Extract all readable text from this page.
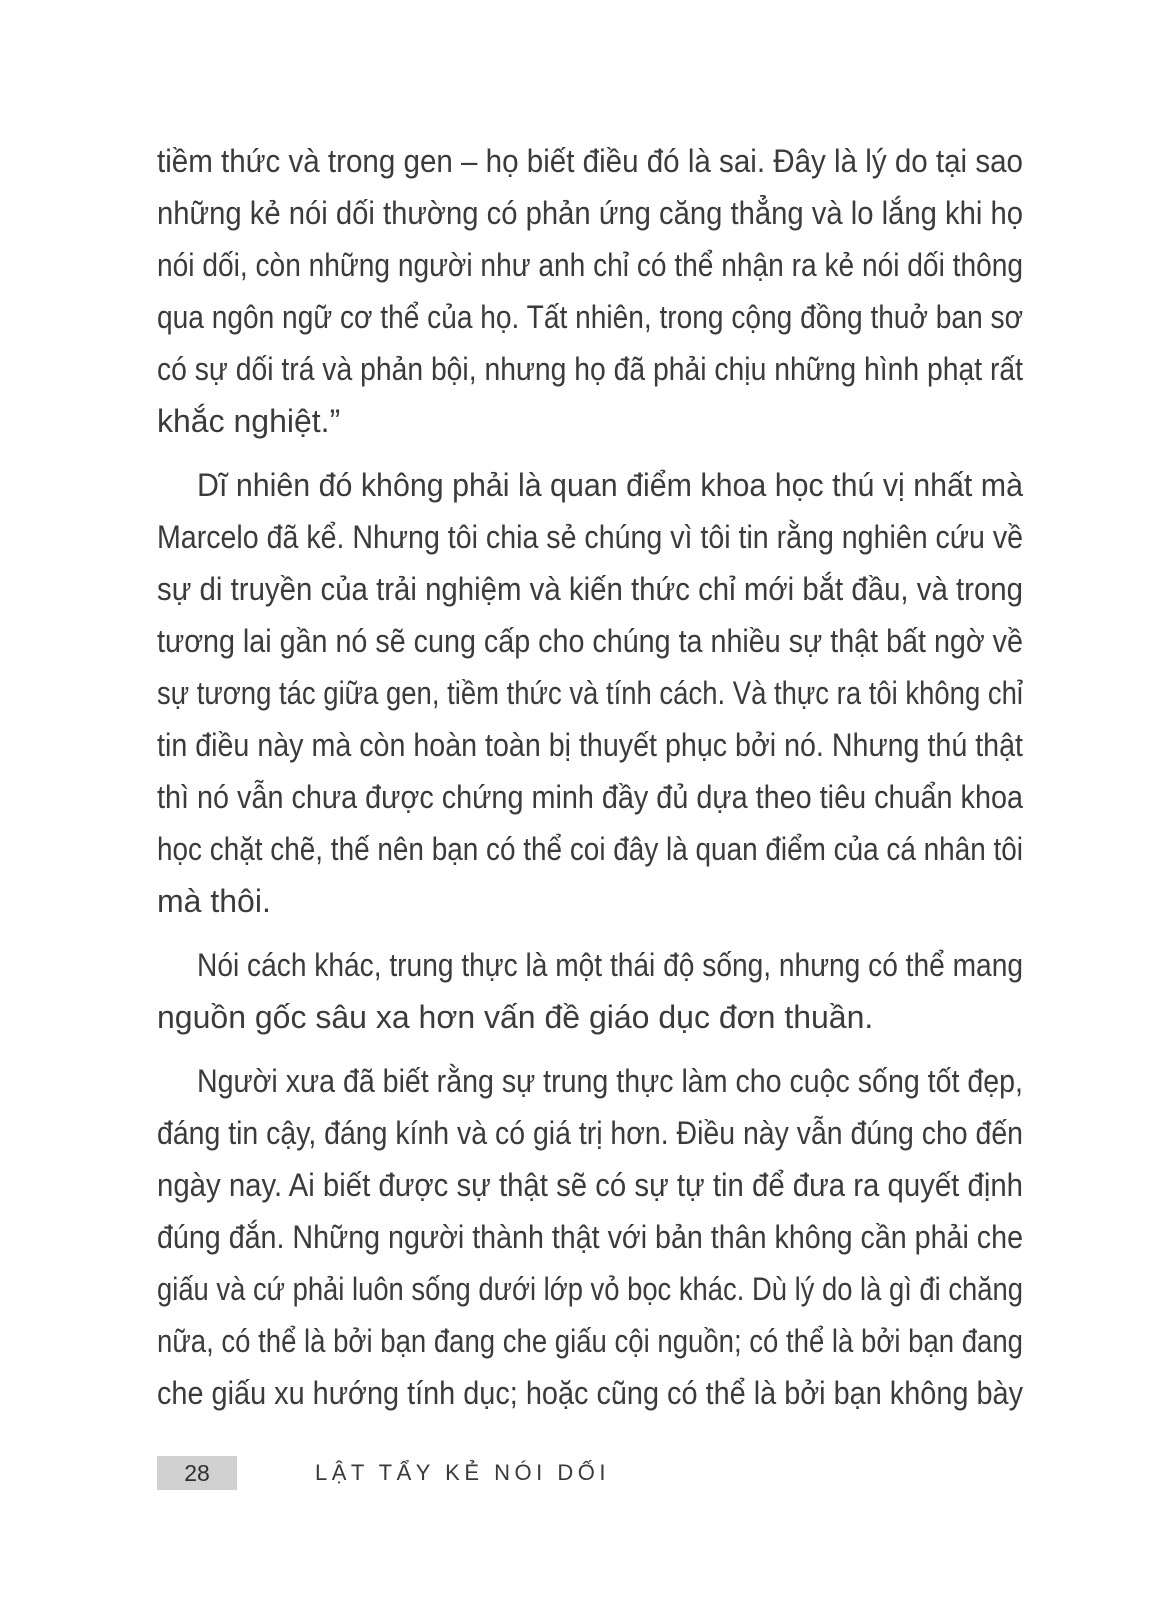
tiềm thức và trong gen – họ biết điều đó là sai. Đây là lý do tại sao
những kẻ nói dối thường có phản ứng căng thẳng và lo lắng khi họ
nói dối, còn những người như anh chỉ có thể nhận ra kẻ nói dối thông
qua ngôn ngữ cơ thể của họ. Tất nhiên, trong cộng đồng thuở ban sơ
có sự dối trá và phản bội, nhưng họ đã phải chịu những hình phạt rất
khắc nghiệt.”
Dĩ nhiên đó không phải là quan điểm khoa học thú vị nhất mà
Marcelo đã kể. Nhưng tôi chia sẻ chúng vì tôi tin rằng nghiên cứu về
sự di truyền của trải nghiệm và kiến thức chỉ mới bắt đầu, và trong
tương lai gần nó sẽ cung cấp cho chúng ta nhiều sự thật bất ngờ về
sự tương tác giữa gen, tiềm thức và tính cách. Và thực ra tôi không chỉ
tin điều này mà còn hoàn toàn bị thuyết phục bởi nó. Nhưng thú thật
thì nó vẫn chưa được chứng minh đầy đủ dựa theo tiêu chuẩn khoa
học chặt chẽ, thế nên bạn có thể coi đây là quan điểm của cá nhân tôi
mà thôi.
Nói cách khác, trung thực là một thái độ sống, nhưng có thể mang
nguồn gốc sâu xa hơn vấn đề giáo dục đơn thuần.
Người xưa đã biết rằng sự trung thực làm cho cuộc sống tốt đẹp,
đáng tin cậy, đáng kính và có giá trị hơn. Điều này vẫn đúng cho đến
ngày nay. Ai biết được sự thật sẽ có sự tự tin để đưa ra quyết định
đúng đắn. Những người thành thật với bản thân không cần phải che
giấu và cứ phải luôn sống dưới lớp vỏ bọc khác. Dù lý do là gì đi chăng
nữa, có thể là bởi bạn đang che giấu cội nguồn; có thể là bởi bạn đang
che giấu xu hướng tính dục; hoặc cũng có thể là bởi bạn không bày
28	LẬT TẨY KẺ NÓI DỐI
